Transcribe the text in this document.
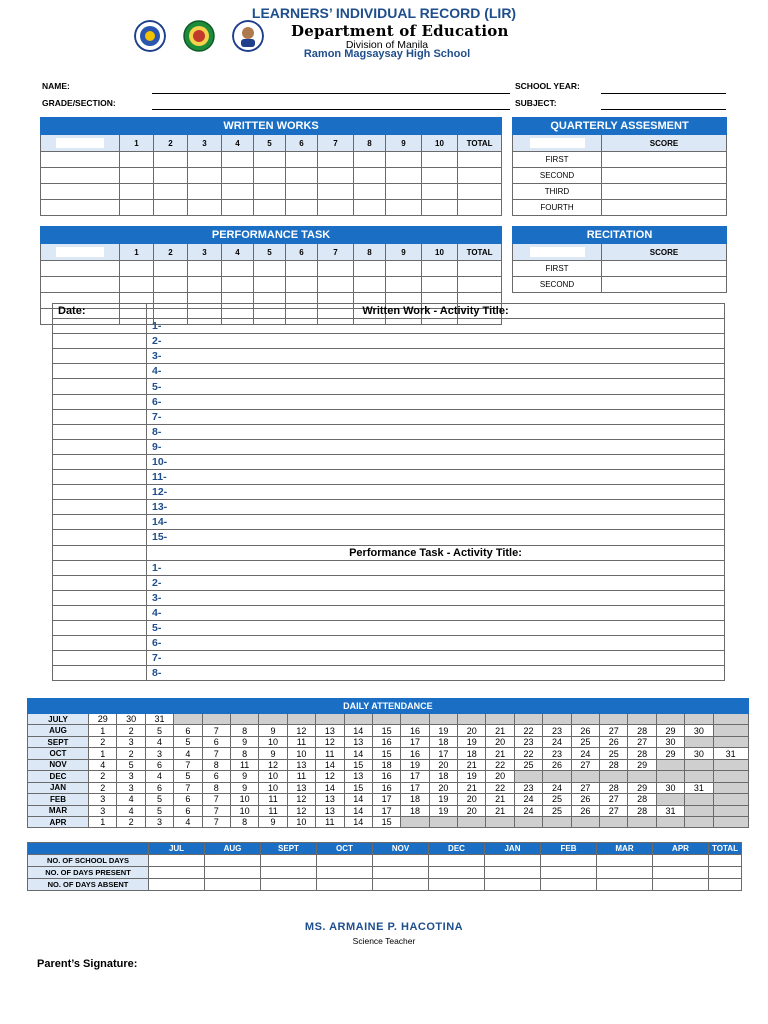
LEARNERS’ INDIVIDUAL RECORD (LIR)
Department of Education
Division of Manila
Ramon Magsaysay High School
NAME:
GRADE/SECTION:
SCHOOL YEAR:
SUBJECT:
WRITTEN WORKS											
	1	2	3	4	5	6	7	8	9	10	TOTAL

QUARTERLY ASSESMENT	
	SCORE
FIRST	
SECOND	
THIRD	
FOURTH	
PERFORMANCE TASK											
	1	2	3	4	5	6	7	8	9	10	TOTAL

RECITATION	
	SCORE
FIRST	
SECOND	
Date:	Written Work - Activity Title:
	1-
	2-
	3-
	4-
	5-
	6-
	7-
	8-
	9-
	10-
	11-
	12-
	13-
	14-
	15-
	Performance Task - Activity Title:
	1-
	2-
	3-
	4-
	5-
	6-
	7-
	8-
DAILY ATTENDANCE																							
JULY	29	30	31																				
AUG	1	2	5	6	7	8	9	12	13	14	15	16	19	20	21	22	23	26	27	28	29	30	
SEPT	2	3	4	5	6	9	10	11	12	13	16	17	18	19	20	23	24	25	26	27	30		
OCT	1	2	3	4	7	8	9	10	11	14	15	16	17	18	21	22	23	24	25	28	29	30	31
NOV	4	5	6	7	8	11	12	13	14	15	18	19	20	21	22	25	26	27	28	29			
DEC	2	3	4	5	6	9	10	11	12	13	16	17	18	19	20								
JAN	2	3	6	7	8	9	10	13	14	15	16	17	20	21	22	23	24	27	28	29	30	31	
FEB	3	4	5	6	7	10	11	12	13	14	17	18	19	20	21	24	25	26	27	28			
MAR	3	4	5	6	7	10	11	12	13	14	17	18	19	20	21	24	25	26	27	28	31		
APR	1	2	3	4	7	8	9	10	11	14	15												
	JUL	AUG	SEPT	OCT	NOV	DEC	JAN	FEB	MAR	APR	TOTAL
NO. OF SCHOOL DAYS											
NO. OF DAYS PRESENT											
NO. OF DAYS ABSENT											
MS. ARMAINE P. HACOTINA
Science Teacher
Parent’s Signature:
